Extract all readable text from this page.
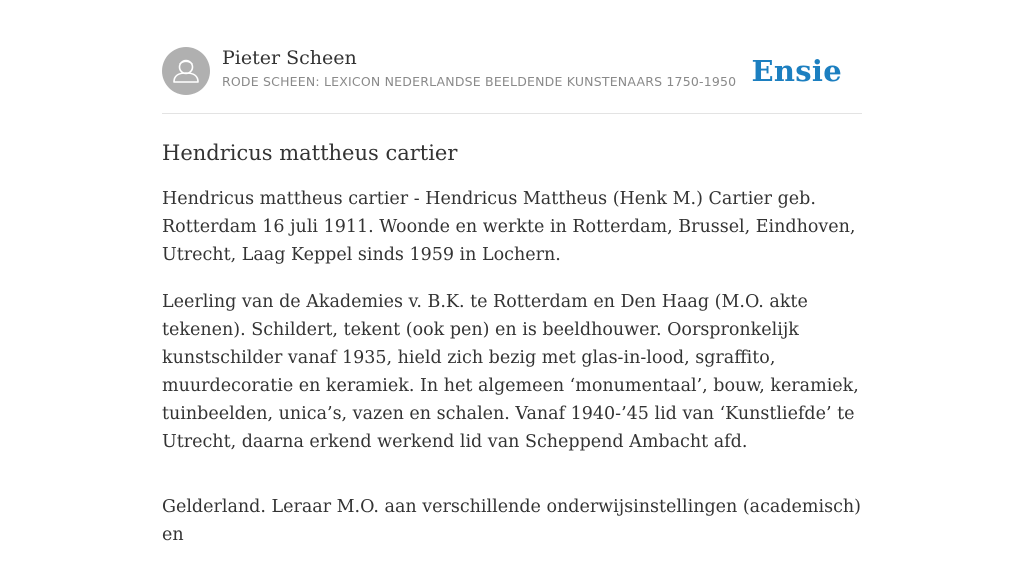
Pieter Scheen
RODE SCHEEN: LEXICON NEDERLANDSE BEELDENDE KUNSTENAARS 1750-1950 Ensie
Hendricus mattheus cartier

Hendricus mattheus cartier - Hendricus Mattheus (Henk M.) Cartier geb. Rotterdam 16 juli 1911. Woonde en werkte in Rotterdam, Brussel, Eindhoven, Utrecht, Laag Keppel sinds 1959 in Lochern.

Leerling van de Akademies v. B.K. te Rotterdam en Den Haag (M.O. akte tekenen). Schildert, tekent (ook pen) en is beeldhouwer. Oorspronkelijk kunstschilder vanaf 1935, hield zich bezig met glas-in-lood, sgraffito, muurdecoratie en keramiek. In het algemeen ‘monumentaal’, bouw, keramiek, tuinbeelden, unica’s, vazen en schalen. Vanaf 1940-’45 lid van ‘Kunstliefde’ te Utrecht, daarna erkend werkend lid van Scheppend Ambacht afd.

Gelderland. Leraar M.O. aan verschillende onderwijsinstellingen (academisch) en
